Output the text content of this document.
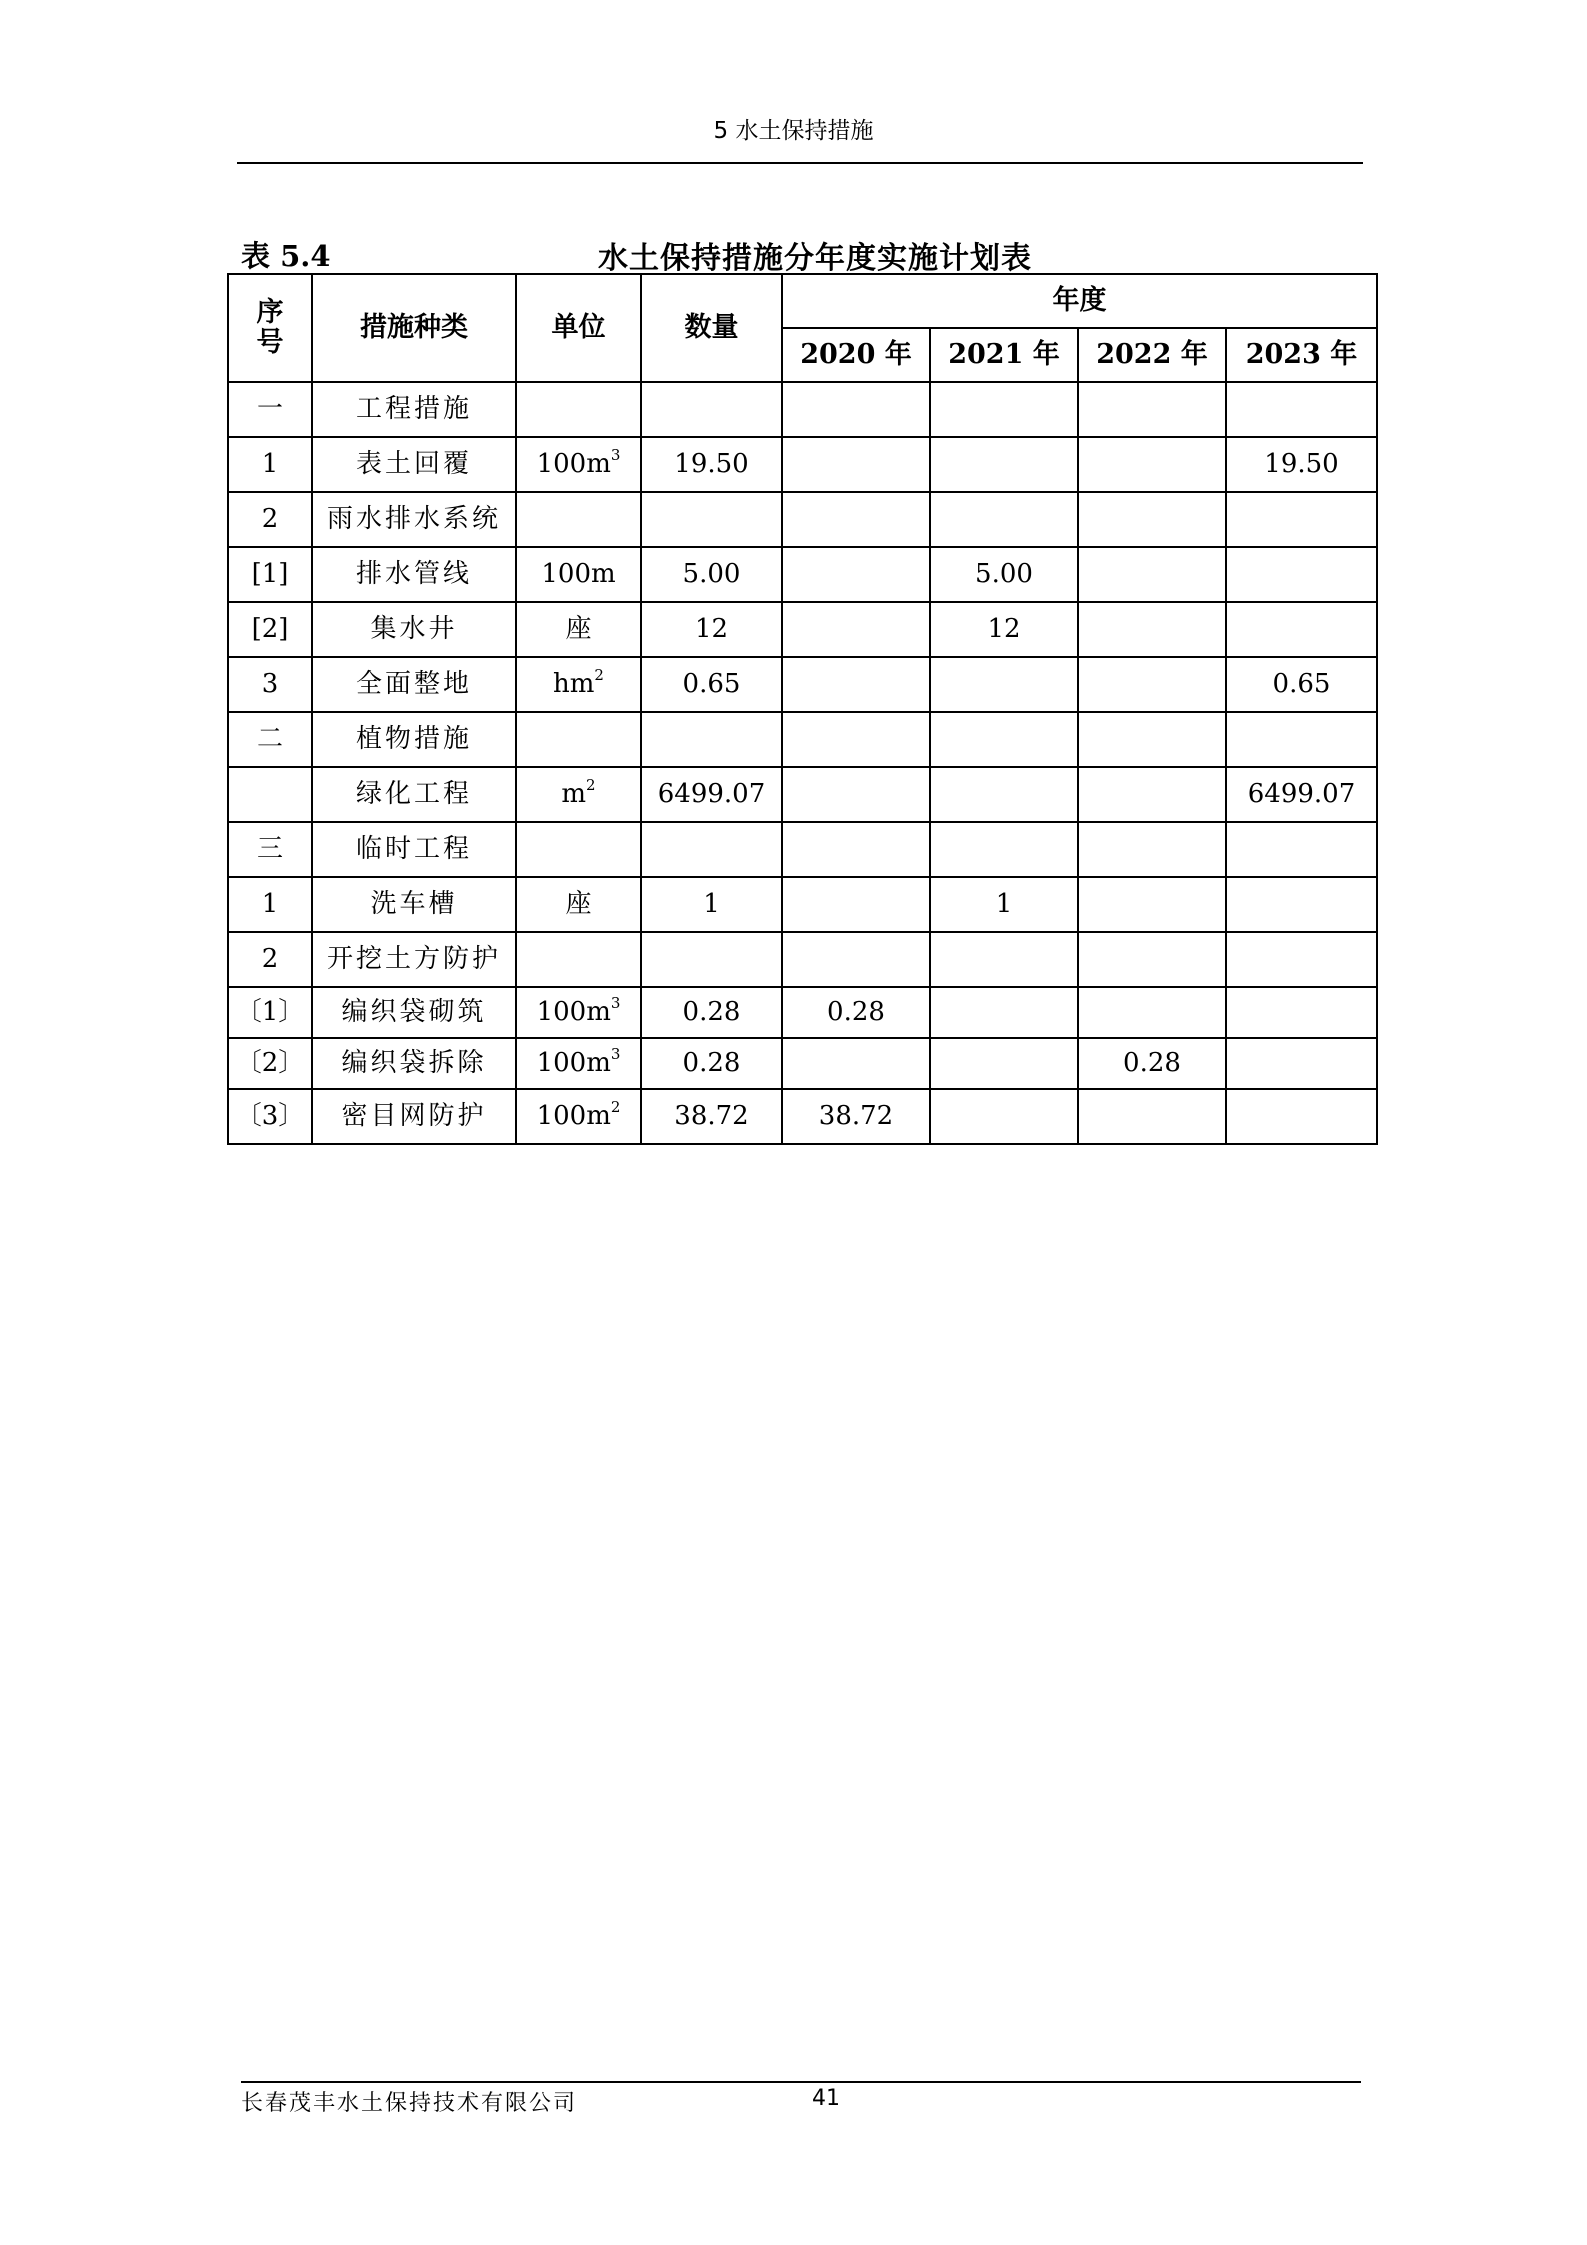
5 水土保持措施
表 5.4	水土保持措施分年度实施计划表
序
号	措施种类	单位	数量	年度			
				2020 年	2021 年	2022 年	2023 年
一	工程措施						
1	表土回覆	$100m^3$	19.50				19.50
2	雨水排水系统						
[1]	排水管线	100m	5.00		5.00		
[2]	集水井	座	12		12		
3	全面整地	$hm^2$	0.65				0.65
二	植物措施						
	绿化工程	$m^2$	6499.07				6499.07
三	临时工程						
1	洗车槽	座	1		1		
2	开挖土方防护						
〔1〕	编织袋砌筑	$100m^3$	0.28	0.28			
〔2〕	编织袋拆除	$100m^3$	0.28			0.28	
〔3〕	密目网防护	$100m^2$	38.72	38.72			
长春茂丰水土保持技术有限公司	41
